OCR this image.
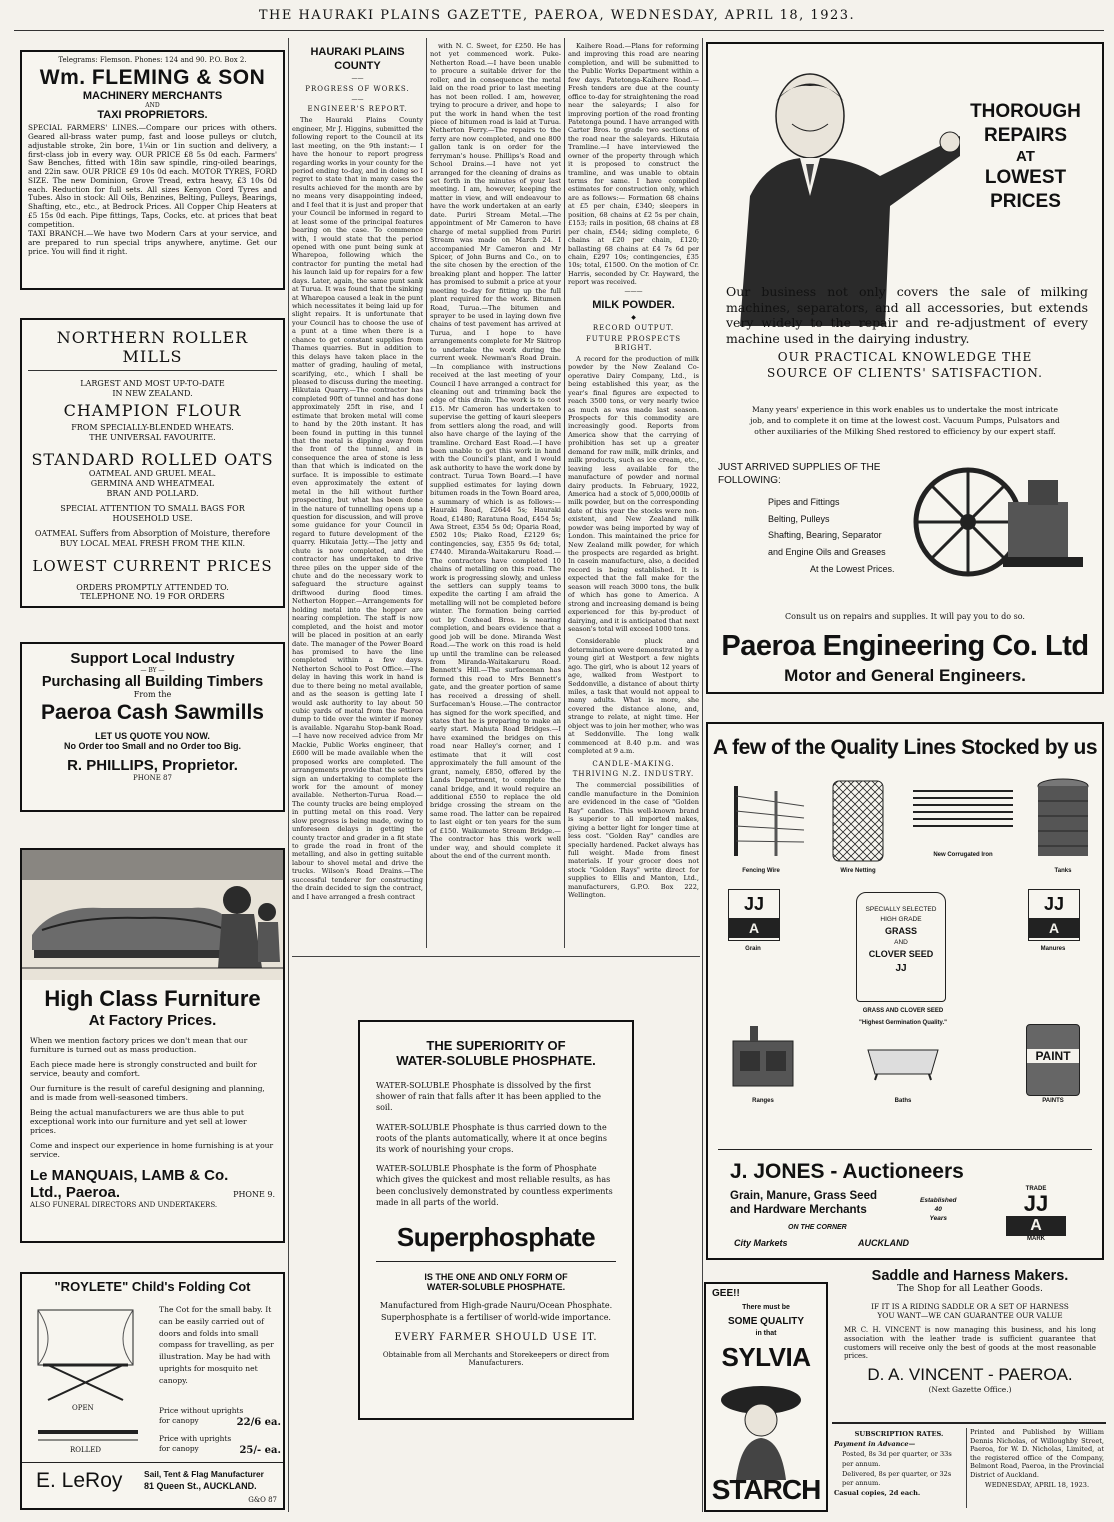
THE HAURAKI PLAINS GAZETTE, PAEROA, WEDNESDAY, APRIL 18, 1923.
Telegrams: Flemson. Phones: 124 and 90. P.O. Box 2.
Wm. FLEMING & SON
MACHINERY MERCHANTS
AND
TAXI PROPRIETORS.
SPECIAL FARMERS' LINES.—Compare our prices with others. Geared all-brass water pump, fast and loose pulleys or clutch, adjustable stroke, 2in bore, 1¼in or 1in suction and delivery, a first-class job in every way. OUR PRICE £8 5s 0d each. Farmers' Saw Benches, fitted with 18in saw spindle, ring-oiled bearings, and 22in saw. OUR PRICE £9 10s 0d each. MOTOR TYRES, FORD SIZE. The new Dominion, Grove Tread, extra heavy, £3 10s 0d each. Reduction for full sets. All sizes Kenyon Cord Tyres and Tubes. Also in stock: All Oils, Benzines, Belting, Pulleys, Bearings, Shafting, etc., etc., at Bedrock Prices. All Copper Chip Heaters at £5 15s 0d each. Pipe fittings, Taps, Cocks, etc. at prices that beat competition.
TAXI BRANCH.—We have two Modern Cars at your service, and are prepared to run special trips anywhere, anytime. Get our price. You will find it right.
NORTHERN ROLLER MILLS
LARGEST AND MOST UP-TO-DATE
IN NEW ZEALAND.
CHAMPION FLOUR
FROM SPECIALLY-BLENDED WHEATS.
THE UNIVERSAL FAVOURITE.
STANDARD ROLLED OATS
OATMEAL AND GRUEL MEAL.
GERMINA AND WHEATMEAL
BRAN AND POLLARD.
SPECIAL ATTENTION TO SMALL BAGS FOR HOUSEHOLD USE.
OATMEAL Suffers from Absorption of Moisture, therefore BUY LOCAL MEAL FRESH FROM THE KILN.
LOWEST CURRENT PRICES
ORDERS PROMPTLY ATTENDED TO.
TELEPHONE NO. 19 FOR ORDERS
Support Local Industry
— BY —
Purchasing all Building Timbers
From the
Paeroa Cash Sawmills
LET US QUOTE YOU NOW.
No Order too Small and no Order too Big.
R. PHILLIPS, Proprietor.
PHONE 87
High Class Furniture
At Factory Prices.
When we mention factory prices we don't mean that our furniture is turned out as mass production.
Each piece made here is strongly constructed and built for service, beauty and comfort.
Our furniture is the result of careful designing and planning, and is made from well-seasoned timbers.
Being the actual manufacturers we are thus able to put exceptional work into our furniture and yet sell at lower prices.
Come and inspect our experience in home furnishing is at your service.
Le MANQUAIS, LAMB & Co.
Ltd., Paeroa.	PHONE 9.
ALSO FUNERAL DIRECTORS AND UNDERTAKERS.
"ROYLETE" Child's Folding Cot
OPEN
ROLLED
The Cot for the small baby. It can be easily carried out of doors and folds into small compass for travelling, as per illustration. May be had with uprights for mosquito net canopy.
Price without uprights
for canopy	22/6 ea.
Price with uprights
for canopy	25/- ea.
E. LeRoy	Sail, Tent & Flag Manufacturer
81 Queen St., AUCKLAND.
G&O 87
HAURAKI PLAINS COUNTY
——
PROGRESS OF WORKS.
——
ENGINEER'S REPORT.

The Hauraki Plains County engineer, Mr J. Higgins, submitted the following report to the Council at its last meeting, on the 9th instant:— I have the honour to report progress regarding works in your county for the period ending to-day, and in doing so I regret to state that in many cases the results achieved for the month are by no means very disappointing indeed, and I feel that it is just and proper that your Council be informed in regard to at least some of the principal features bearing on the case. To commence with, I would state that the period opened with one punt being sunk at Wharepoa, following which the contractor for punting the metal had his launch laid up for repairs for a few days. Later, again, the same punt sank at Turua. It was found that the sinking at Wharepoa caused a leak in the punt which necessitates it being laid up for slight repairs. It is unfortunate that your Council has to choose the use of a punt at a time when there is a chance to get constant supplies from Thames quarries. But in addition to this delays have taken place in the matter of grading, hauling of metal, scarifying, etc., which I shall be pleased to discuss during the meeting. Hikutaia Quarry.—The contractor has completed 90ft of tunnel and has done approximately 25ft in rise, and I estimate that broken metal will come to hand by the 20th instant. It has been found in putting in this tunnel that the metal is dipping away from the front of the tunnel, and in consequence the area of stone is less than that which is indicated on the surface. It is impossible to estimate even approximately the extent of metal in the hill without further prospecting, but what has been done in the nature of tunnelling opens up a question for discussion, and will prove some guidance for your Council in regard to future development of the quarry. Hikutaia Jetty.—The jetty and chute is now completed, and the contractor has undertaken to drive three piles on the upper side of the chute and do the necessary work to safeguard the structure against driftwood during flood times. Netherton Hopper.—Arrangements for holding metal into the hopper are nearing completion. The staff is now completed, and the hoist and motor will be placed in position at an early date. The manager of the Power Board has promised to have the line completed within a few days. Netherton School to Post Office.—The delay in having this work in hand is due to there being no metal available, and as the season is getting late I would ask authority to lay about 50 cubic yards of metal from the Paeroa dump to tide over the winter if money is available. Ngarahu Stop-bank Road.—I have now received advice from Mr Mackie, Public Works engineer, that £600 will be made available when the proposed works are completed. The arrangements provide that the settlers sign an undertaking to complete the work for the amount of money available. Netherton-Turua Road.—The county trucks are being employed in putting metal on this road. Very slow progress is being made, owing to unforeseen delays in getting the county tractor and grader in a fit state to grade the road in front of the metalling, and also in getting suitable labour to shovel metal and drive the trucks. Wilson's Road Drains.—The successful tenderer for constructing the drain decided to sign the contract, and I have arranged a fresh contract

with N. C. Sweet, for £250. He has not yet commenced work. Puke-Netherton Road.—I have been unable to procure a suitable driver for the roller, and in consequence the metal laid on the road prior to last meeting has not been rolled. I am, however, trying to procure a driver, and hope to put the work in hand when the test piece of bitumen road is laid at Turua. Netherton Ferry.—The repairs to the ferry are now completed, and one 800 gallon tank is on order for the ferryman's house. Phillips's Road and School Drains.—I have not yet arranged for the cleaning of drains as set forth in the minutes of your last meeting. I am, however, keeping the matter in view, and will endeavour to have the work undertaken at an early date. Puriri Stream Metal.—The appointment of Mr Cameron to have charge of metal supplied from Puriri Stream was made on March 24. I accompanied Mr Cameron and Mr Spicer, of John Burns and Co., on to the site chosen by the erection of the breaking plant and hopper. The latter has promised to submit a price at your meeting to-day for fitting up the full plant required for the work. Bitumen Road, Turua.—The bitumen and sprayer to be used in laying down five chains of test pavement has arrived at Turua, and I hope to have arrangements complete for Mr Skitrop to undertake the work during the current week. Newman's Road Drain.—In compliance with instructions received at the last meeting of your Council I have arranged a contract for cleaning out and trimming back the edge of this drain. The work is to cost £15. Mr Cameron has undertaken to supervise the getting of kauri sleepers from settlers along the road, and will also have charge of the laying of the tramline. Orchard East Road.—I have been unable to get this work in hand with the Council's plant, and I would ask authority to have the work done by contract. Turua Town Board.—I have supplied estimates for laying down bitumen roads in the Town Board area, a summary of which is as follows:— Hauraki Road, £2644 5s; Hauraki Road, £1480; Raratuna Road, £454 5s; Awa Street, £354 5s 0d; Oparia Road, £502 10s; Piako Road, £2129 6s; contingencies, say, £355 9s 6d; total, £7440. Miranda-Waitakaruru Road.—The contractors have completed 10 chains of metalling on this road. The work is progressing slowly, and unless the settlers can supply teams to expedite the carting I am afraid the metalling will not be completed before winter. The formation being carried out by Coxhead Bros. is nearing completion, and bears evidence that a good job will be done. Miranda West Road.—The work on this road is held up until the tramline can be released from Miranda-Waitakaruru Road. Bennett's Hill.—The surfaceman has formed this road to Mrs Bennett's gate, and the greater portion of same has received a dressing of shell. Surfaceman's House.—The contractor has signed for the work specified, and states that he is preparing to make an early start. Mahuta Road Bridges.—I have examined the bridges on this road near Halley's corner, and I estimate that it will cost approximately the full amount of the grant, namely, £850, offered by the Lands Department, to complete the canal bridge, and it would require an additional £550 to replace the old bridge crossing the stream on the same road. The latter can be repaired to last eight or ten years for the sum of £150. Waikumete Stream Bridge.—The contractor has this work well under way, and should complete it about the end of the current month.

Kaihere Road.—Plans for reforming and improving this road are nearing completion, and will be submitted to the Public Works Department within a few days. Patetonga-Kaihere Road.—Fresh tenders are due at the county office to-day for straightening the road near the saleyards; I also for improving portion of the road fronting Patetonga pound. I have arranged with Carter Bros. to grade two sections of the road near the saleyards. Hikutaia Tramline.—I have interviewed the owner of the property through which it is proposed to construct the tramline, and was unable to obtain terms for same. I have compiled estimates for construction only, which are as follows:— Formation 68 chains at £5 per chain, £340; sleepers in position, 68 chains at £2 5s per chain, £153; rails in position, 68 chains at £8 per chain, £544; siding complete, 6 chains at £20 per chain, £120; ballasting 68 chains at £4 7s 6d per chain, £297 10s; contingencies, £35 10s; total, £1500. On the motion of Cr. Harris, seconded by Cr. Hayward, the report was received.

———
MILK POWDER.
◆
RECORD OUTPUT.
FUTURE PROSPECTS BRIGHT.

A record for the production of milk powder by the New Zealand Co-operative Dairy Company, Ltd., is being established this year, as the year's final figures are expected to reach 3500 tons, or very nearly twice as much as was made last season. Prospects for this commodity are increasingly good. Reports from America show that the carrying of prohibition has set up a greater demand for raw milk, milk drinks, and milk products, such as ice cream, etc., leaving less available for the manufacture of powder and normal dairy products. In February, 1922, America had a stock of 5,000,000lb of milk powder, but on the corresponding date of this year the stocks were non-existent, and New Zealand milk powder was being imported by way of London. This maintained the price for New Zealand milk powder, for which the prospects are regarded as bright. In casein manufacture, also, a decided record is being established. It is expected that the fall make for the season will reach 3000 tons, the bulk of which has gone to America. A strong and increasing demand is being experienced for this by-product of dairying, and it is anticipated that next season's total will exceed 1000 tons.

Considerable pluck and determination were demonstrated by a young girl at Westport a few nights ago. The girl, who is about 12 years of age, walked from Westport to Seddonville, a distance of about thirty miles, a task that would not appeal to many adults. What is more, she covered the distance alone, and, strange to relate, at night time. Her object was to join her mother, who was at Seddonville. The long walk commenced at 8.40 p.m. and was completed at 9 a.m.

CANDLE-MAKING.
THRIVING N.Z. INDUSTRY.

The commercial possibilities of candle manufacture in the Dominion are evidenced in the case of "Golden Ray" candles. This well-known brand is superior to all imported makes, giving a better light for longer time at less cost. "Golden Ray" candles are specially hardened. Packet always has full weight. Made from finest materials. If your grocer does not stock "Golden Rays" write direct for supplies to Ellis and Manton, Ltd., manufacturers, G.P.O. Box 222, Wellington.

THE SUPERIORITY OF
WATER-SOLUBLE PHOSPHATE.
WATER-SOLUBLE Phosphate is dissolved by the first shower of rain that falls after it has been applied to the soil.
WATER-SOLUBLE Phosphate is thus carried down to the roots of the plants automatically, where it at once begins its work of nourishing your crops.
WATER-SOLUBLE Phosphate is the form of Phosphate which gives the quickest and most reliable results, as has been conclusively demonstrated by countless experiments made in all parts of the world.
Superphosphate
IS THE ONE AND ONLY FORM OF
WATER-SOLUBLE PHOSPHATE.
Manufactured from High-grade Nauru/Ocean Phosphate.
Superphosphate is a fertiliser of world-wide importance.
EVERY FARMER SHOULD USE IT.
Obtainable from all Merchants and Storekeepers or direct from Manufacturers.
THOROUGH
REPAIRS
AT
LOWEST
PRICES
Our business not only covers the sale of milking machines, separators, and all accessories, but extends very widely to the repair and re-adjustment of every machine used in the dairying industry.
OUR PRACTICAL KNOWLEDGE THE
SOURCE OF CLIENTS' SATISFACTION.
Many years' experience in this work enables us to undertake the most intricate job, and to complete it on time at the lowest cost. Vacuum Pumps, Pulsators and other auxiliaries of the Milking Shed restored to efficiency by our expert staff.
JUST ARRIVED SUPPLIES OF THE
FOLLOWING:
Pipes and Fittings
Belting, Pulleys
Shafting, Bearing, Separator
and Engine Oils and Greases
At the Lowest Prices.
Consult us on repairs and supplies. It will pay you to do so.
Paeroa Engineering Co. Ltd
Motor and General Engineers.
A few of the Quality Lines Stocked by us
Fencing Wire	Wire Netting
New Corrugated Iron
Tanks
JJ
A
Grain
SPECIALLY SELECTED
HIGH GRADE
GRASS
AND
CLOVER SEED
JJ
GRASS AND CLOVER SEED
"Highest Germination Quality."
JJ
A
Manures
Ranges	Baths
PAINT
PAINTS
J. JONES - Auctioneers
Grain, Manure, Grass Seed
and Hardware Merchants
Established
40
Years
ON THE CORNER
City Markets	AUCKLAND
TRADE
JJ
A
MARK
GEE!!
There must be
SOME QUALITY
in that
SYLVIA
STARCH
Saddle and Harness Makers.
The Shop for all Leather Goods.
IF IT IS A RIDING SADDLE OR A SET OF HARNESS
YOU WANT—WE CAN GUARANTEE OUR VALUE
MR C. H. VINCENT is now managing this business, and his long association with the leather trade is sufficient guarantee that customers will receive only the best of goods at the most reasonable prices.
D. A. VINCENT - PAEROA.
(Next Gazette Office.)
SUBSCRIPTION RATES.
Payment in Advance—
Posted, 8s 3d per quarter, or 33s per annum.
Delivered, 8s per quarter, or 32s per annum.
Casual copies, 2d each.
Printed and Published by William Dennis Nicholas, of Willoughby Street, Paeroa, for W. D. Nicholas, Limited, at the registered office of the Company, Belmont Road, Paeroa, in the Provincial District of Auckland.
WEDNESDAY, APRIL 18, 1923.
